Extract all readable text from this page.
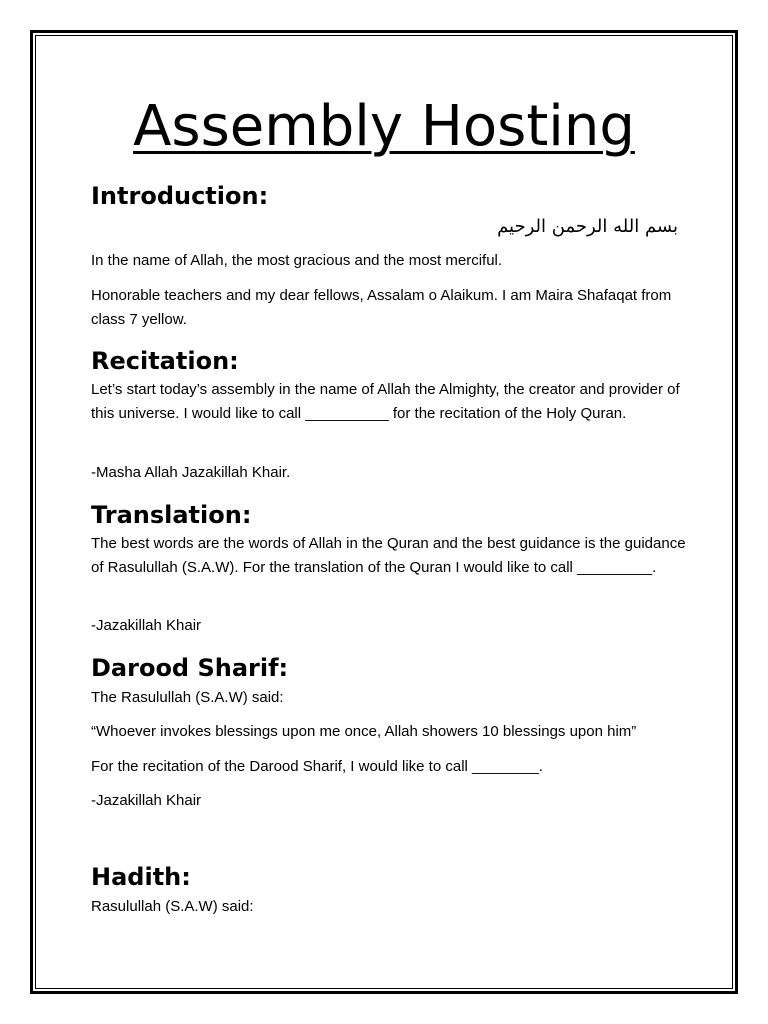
Assembly Hosting
Introduction:

بسم الله الرحمن الرحيم

In the name of Allah, the most gracious and the most merciful.

Honorable teachers and my dear fellows, Assalam o Alaikum. I am Maira Shafaqat from class 7 yellow.

Recitation:

Let’s start today’s assembly in the name of Allah the Almighty, the creator and provider of this universe. I would like to call __________ for the recitation of the Holy Quran.

-Masha Allah Jazakillah Khair.

Translation:

The best words are the words of Allah in the Quran and the best guidance is the guidance of Rasulullah (S.A.W). For the translation of the Quran I would like to call _________.

-Jazakillah Khair

Darood Sharif:

The Rasulullah (S.A.W) said:

“Whoever invokes blessings upon me once, Allah showers 10 blessings upon him”

For the recitation of the Darood Sharif, I would like to call ________.

-Jazakillah Khair

Hadith:

Rasulullah (S.A.W) said:
